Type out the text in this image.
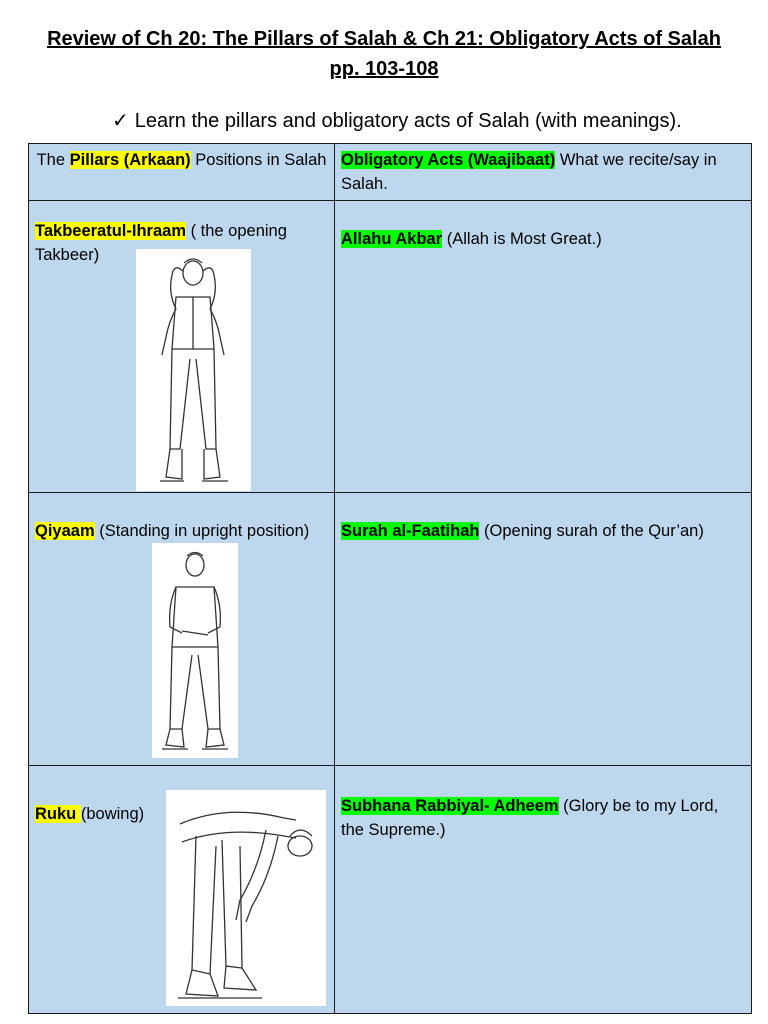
Review of Ch 20: The Pillars of Salah & Ch 21: Obligatory Acts of Salah
pp. 103-108
✓ Learn the pillars and obligatory acts of Salah (with meanings).
The Pillars (Arkaan) Positions in Salah	Obligatory Acts (Waajibaat) What we recite/say in Salah.

Takbeeratul-Ihraam ( the opening Takbeer)	Allahu Akbar (Allah is Most Great.)

Qiyaam (Standing in upright position)	Surah al-Faatihah (Opening surah of the Qur’an)

Ruku (bowing)	Subhana Rabbiyal- Adheem (Glory be to my Lord, the Supreme.)
